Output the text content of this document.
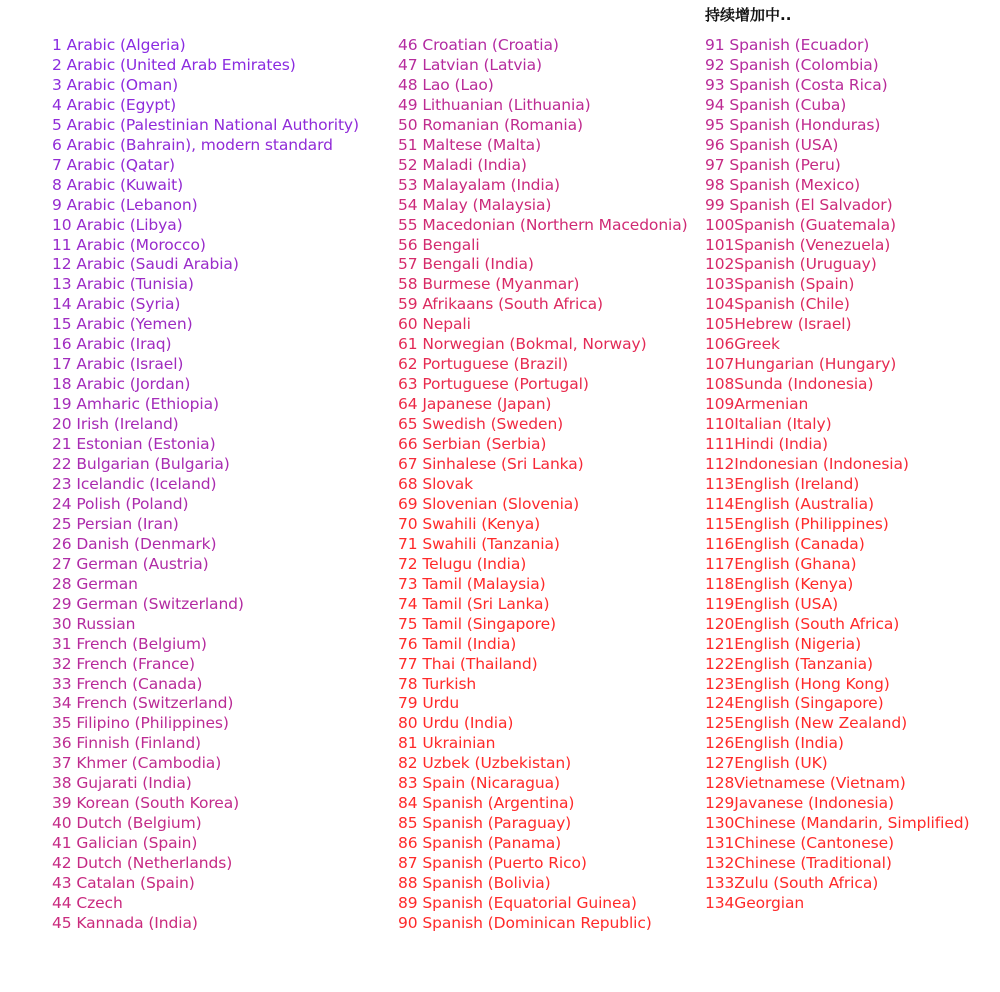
持续增加中..
1 Arabic (Algeria)
2 Arabic (United Arab Emirates)
3 Arabic (Oman)
4 Arabic (Egypt)
5 Arabic (Palestinian National Authority)
6 Arabic (Bahrain), modern standard
7 Arabic (Qatar)
8 Arabic (Kuwait)
9 Arabic (Lebanon)
10 Arabic (Libya)
11 Arabic (Morocco)
12 Arabic (Saudi Arabia)
13 Arabic (Tunisia)
14 Arabic (Syria)
15 Arabic (Yemen)
16 Arabic (Iraq)
17 Arabic (Israel)
18 Arabic (Jordan)
19 Amharic (Ethiopia)
20 Irish (Ireland)
21 Estonian (Estonia)
22 Bulgarian (Bulgaria)
23 Icelandic (Iceland)
24 Polish (Poland)
25 Persian (Iran)
26 Danish (Denmark)
27 German (Austria)
28 German
29 German (Switzerland)
30 Russian
31 French (Belgium)
32 French (France)
33 French (Canada)
34 French (Switzerland)
35 Filipino (Philippines)
36 Finnish (Finland)
37 Khmer (Cambodia)
38 Gujarati (India)
39 Korean (South Korea)
40 Dutch (Belgium)
41 Galician (Spain)
42 Dutch (Netherlands)
43 Catalan (Spain)
44 Czech
45 Kannada (India)
46 Croatian (Croatia)
47 Latvian (Latvia)
48 Lao (Lao)
49 Lithuanian (Lithuania)
50 Romanian (Romania)
51 Maltese (Malta)
52 Maladi (India)
53 Malayalam (India)
54 Malay (Malaysia)
55 Macedonian (Northern Macedonia)
56 Bengali
57 Bengali (India)
58 Burmese (Myanmar)
59 Afrikaans (South Africa)
60 Nepali
61 Norwegian (Bokmal, Norway)
62 Portuguese (Brazil)
63 Portuguese (Portugal)
64 Japanese (Japan)
65 Swedish (Sweden)
66 Serbian (Serbia)
67 Sinhalese (Sri Lanka)
68 Slovak
69 Slovenian (Slovenia)
70 Swahili (Kenya)
71 Swahili (Tanzania)
72 Telugu (India)
73 Tamil (Malaysia)
74 Tamil (Sri Lanka)
75 Tamil (Singapore)
76 Tamil (India)
77 Thai (Thailand)
78 Turkish
79 Urdu
80 Urdu (India)
81 Ukrainian
82 Uzbek (Uzbekistan)
83 Spain (Nicaragua)
84 Spanish (Argentina)
85 Spanish (Paraguay)
86 Spanish (Panama)
87 Spanish (Puerto Rico)
88 Spanish (Bolivia)
89 Spanish (Equatorial Guinea)
90 Spanish (Dominican Republic)
91 Spanish (Ecuador)
92 Spanish (Colombia)
93 Spanish (Costa Rica)
94 Spanish (Cuba)
95 Spanish (Honduras)
96 Spanish (USA)
97 Spanish (Peru)
98 Spanish (Mexico)
99 Spanish (El Salvador)
100Spanish (Guatemala)
101Spanish (Venezuela)
102Spanish (Uruguay)
103Spanish (Spain)
104Spanish (Chile)
105Hebrew (Israel)
106Greek
107Hungarian (Hungary)
108Sunda (Indonesia)
109Armenian
110Italian (Italy)
111Hindi (India)
112Indonesian (Indonesia)
113English (Ireland)
114English (Australia)
115English (Philippines)
116English (Canada)
117English (Ghana)
118English (Kenya)
119English (USA)
120English (South Africa)
121English (Nigeria)
122English (Tanzania)
123English (Hong Kong)
124English (Singapore)
125English (New Zealand)
126English (India)
127English (UK)
128Vietnamese (Vietnam)
129Javanese (Indonesia)
130Chinese (Mandarin, Simplified)
131Chinese (Cantonese)
132Chinese (Traditional)
133Zulu (South Africa)
134Georgian
